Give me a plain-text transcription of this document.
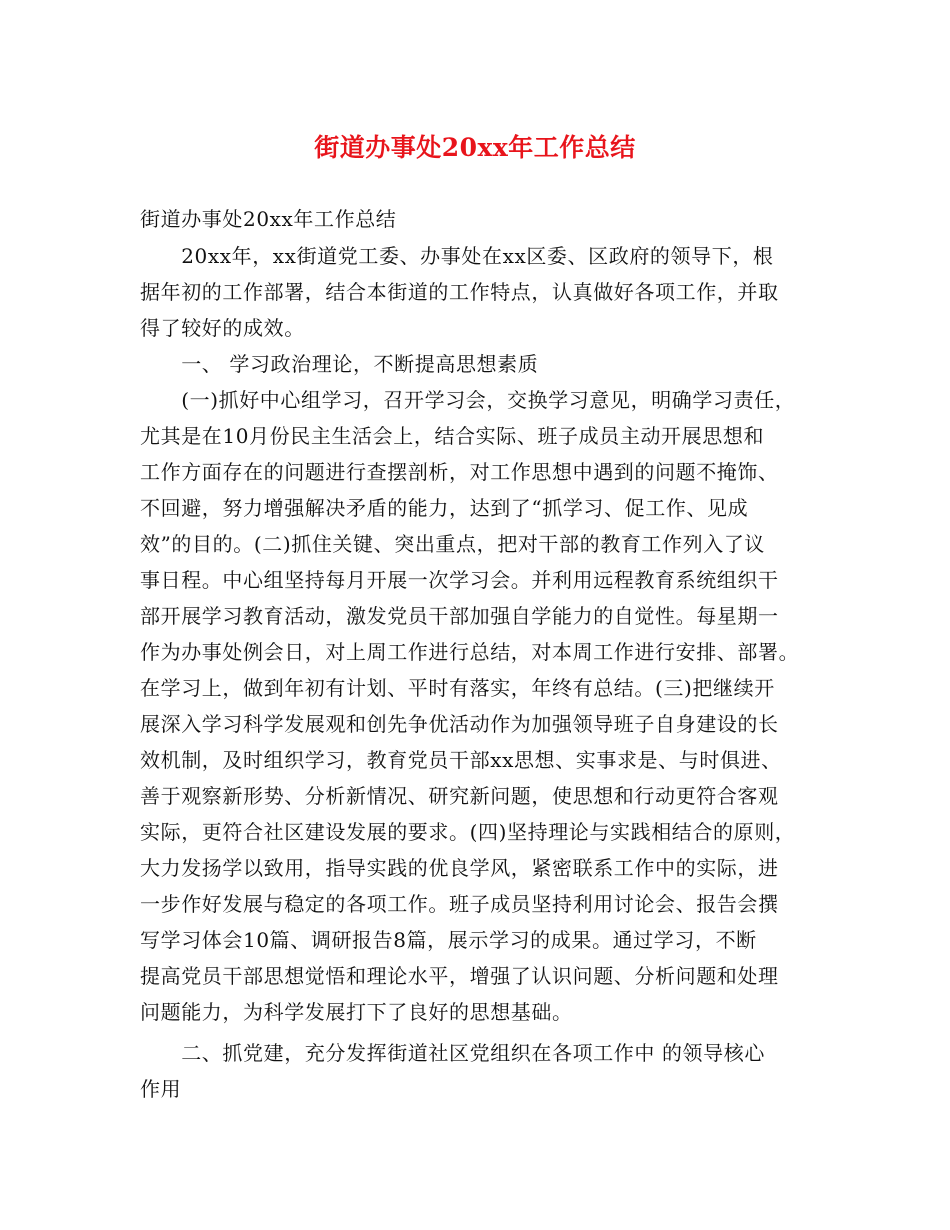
街道办事处20xx年工作总结
街道办事处20xx年工作总结
　　20xx年，xx街道党工委、办事处在xx区委、区政府的领导下，根
据年初的工作部署，结合本街道的工作特点，认真做好各项工作，并取
得了较好的成效。
　　一、 学习政治理论，不断提高思想素质
　　(一)抓好中心组学习，召开学习会，交换学习意见，明确学习责任，
尤其是在10月份民主生活会上，结合实际、班子成员主动开展思想和
工作方面存在的问题进行查摆剖析，对工作思想中遇到的问题不掩饰、
不回避，努力增强解决矛盾的能力，达到了“抓学习、促工作、见成
效”的目的。(二)抓住关键、突出重点，把对干部的教育工作列入了议
事日程。中心组坚持每月开展一次学习会。并利用远程教育系统组织干
部开展学习教育活动，激发党员干部加强自学能力的自觉性。每星期一
作为办事处例会日，对上周工作进行总结，对本周工作进行安排、部署。
在学习上，做到年初有计划、平时有落实，年终有总结。(三)把继续开
展深入学习科学发展观和创先争优活动作为加强领导班子自身建设的长
效机制，及时组织学习，教育党员干部xx思想、实事求是、与时俱进、
善于观察新形势、分析新情况、研究新问题，使思想和行动更符合客观
实际，更符合社区建设发展的要求。(四)坚持理论与实践相结合的原则，
大力发扬学以致用，指导实践的优良学风，紧密联系工作中的实际，进
一步作好发展与稳定的各项工作。班子成员坚持利用讨论会、报告会撰
写学习体会10篇、调研报告8篇，展示学习的成果。通过学习，不断
提高党员干部思想觉悟和理论水平，增强了认识问题、分析问题和处理
问题能力，为科学发展打下了良好的思想基础。
　　二、抓党建，充分发挥街道社区党组织在各项工作中 的领导核心
作用
